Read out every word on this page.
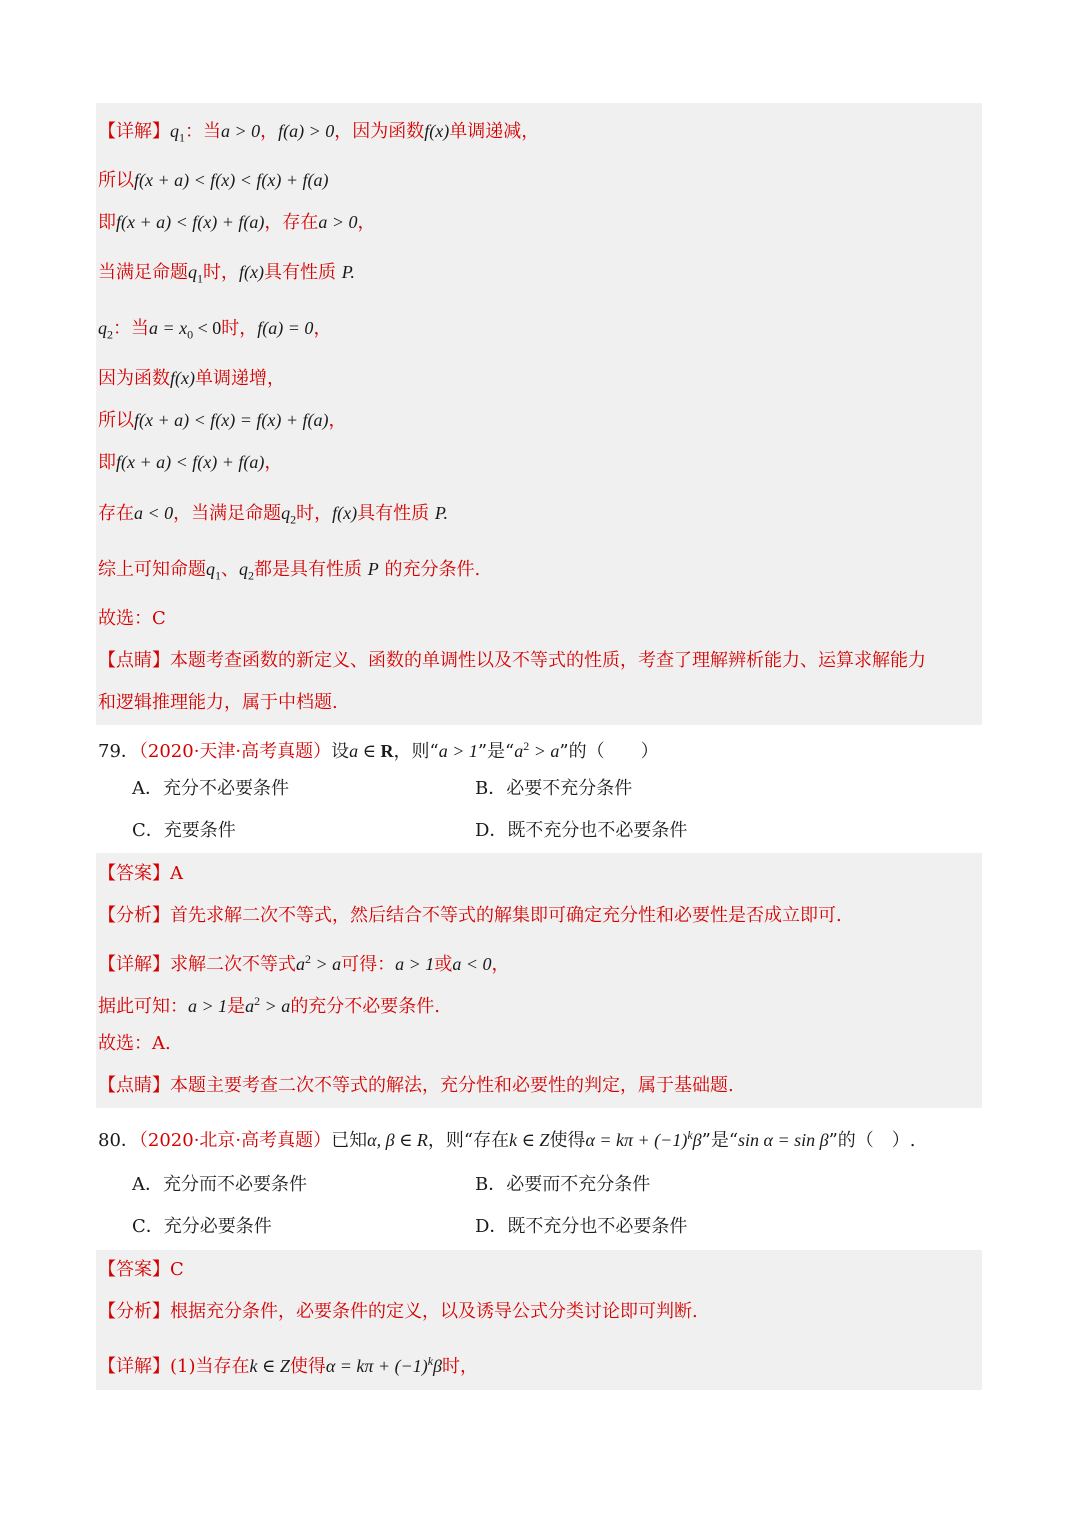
【详解】$q_1$：当a > 0，f(a) > 0，因为函数f(x)单调递减，
所以f(x + a) < f(x) < f(x) + f(a)
即f(x + a) < f(x) + f(a)，存在a > 0，
当满足命题$q_1$时，f(x)具有性质 P.
$q_2$：当$a = x_0 < 0$时，f(a) = 0，
因为函数f(x)单调递增，
所以f(x + a) < f(x) = f(x) + f(a)，
即f(x + a) < f(x) + f(a)，
存在a < 0，当满足命题$q_2$时，f(x)具有性质 P.
综上可知命题$q_1$、$q_2$都是具有性质 P 的充分条件.
故选：C
【点睛】本题考查函数的新定义、函数的单调性以及不等式的性质，考查了理解辨析能力、运算求解能力
和逻辑推理能力，属于中档题.
79．（2020·天津·高考真题）设a ∈ R，则“a > 1”是“$a^2 > a$”的（　　）
A．充分不必要条件	B．必要不充分条件
C．充要条件	D．既不充分也不必要条件
【答案】A
【分析】首先求解二次不等式，然后结合不等式的解集即可确定充分性和必要性是否成立即可.
【详解】求解二次不等式$a^2 > a$可得：a > 1或a < 0，
据此可知：a > 1是$a^2 > a$的充分不必要条件.
故选：A.
【点睛】本题主要考查二次不等式的解法，充分性和必要性的判定，属于基础题.
80．（2020·北京·高考真题）已知α, β ∈ R，则“存在k ∈ Z使得$\alpha = k\pi + (-1)^k\beta$”是“sin α = sin β”的（　）.
A．充分而不必要条件	B．必要而不充分条件
C．充分必要条件	D．既不充分也不必要条件
【答案】C
【分析】根据充分条件，必要条件的定义，以及诱导公式分类讨论即可判断.
【详解】(1)当存在k ∈ Z使得$\alpha = k\pi + (-1)^k\beta$时，
